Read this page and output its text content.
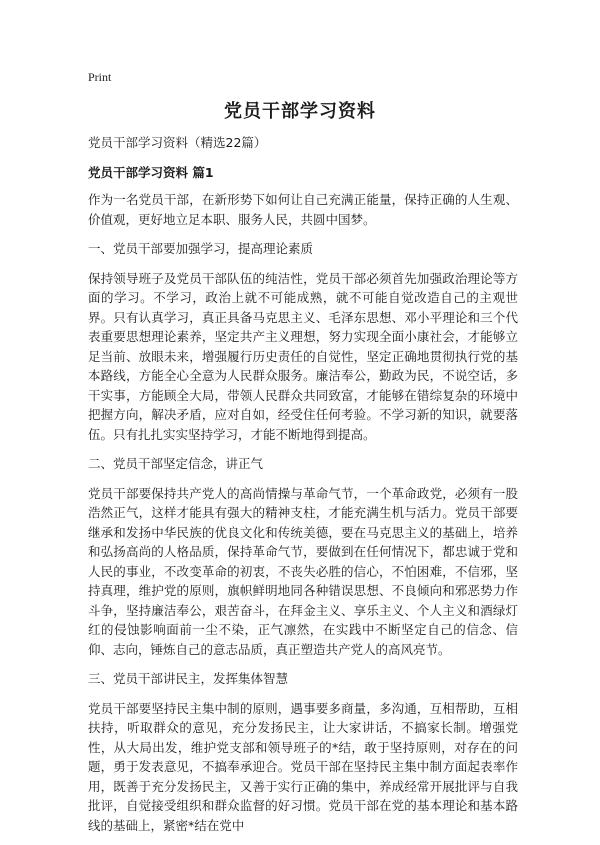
Print
党员干部学习资料

党员干部学习资料（精选22篇）

党员干部学习资料 篇1

作为一名党员干部，在新形势下如何让自己充满正能量，保持正确的人生观、价值观，更好地立足本职、服务人民，共圆中国梦。

一、党员干部要加强学习，提高理论素质

保持领导班子及党员干部队伍的纯洁性，党员干部必须首先加强政治理论等方面的学习。不学习，政治上就不可能成熟，就不可能自觉改造自己的主观世界。只有认真学习，真正具备马克思主义、毛泽东思想、邓小平理论和三个代表重要思想理论素养，坚定共产主义理想，努力实现全面小康社会，才能够立足当前、放眼未来，增强履行历史责任的自觉性，坚定正确地贯彻执行党的基本路线，方能全心全意为人民群众服务。廉洁奉公，勤政为民，不说空话，多干实事，方能顾全大局，带领人民群众共同致富，才能够在错综复杂的环境中把握方向，解决矛盾，应对自如，经受住任何考验。不学习新的知识，就要落伍。只有扎扎实实坚持学习，才能不断地得到提高。

二、党员干部坚定信念，讲正气

党员干部要保持共产党人的高尚情操与革命气节，一个革命政党，必须有一股浩然正气，这样才能具有强大的精神支柱，才能充满生机与活力。党员干部要继承和发扬中华民族的优良文化和传统美德，要在马克思主义的基础上，培养和弘扬高尚的人格品质，保持革命气节，要做到在任何情况下，都忠诚于党和人民的事业，不改变革命的初衷，不丧失必胜的信心，不怕困难，不信邪，坚持真理，维护党的原则，旗帜鲜明地同各种错误思想、不良倾向和邪恶势力作斗争，坚持廉洁奉公，艰苦奋斗，在拜金主义、享乐主义、个人主义和酒绿灯红的侵蚀影响面前一尘不染，正气凛然，在实践中不断坚定自己的信念、信仰、志向，锤炼自己的意志品质，真正塑造共产党人的高风亮节。

三、党员干部讲民主，发挥集体智慧

党员干部要坚持民主集中制的原则，遇事要多商量，多沟通，互相帮助，互相扶持，听取群众的意见，充分发扬民主，让大家讲话，不搞家长制。增强党性，从大局出发，维护党支部和领导班子的*结，敢于坚持原则，对存在的问题，勇于发表意见，不搞奉承迎合。党员干部在坚持民主集中制方面起表率作用，既善于充分发扬民主，又善于实行正确的集中，养成经常开展批评与自我批评，自觉接受组织和群众监督的好习惯。党员干部在党的基本理论和基本路线的基础上，紧密*结在党中
